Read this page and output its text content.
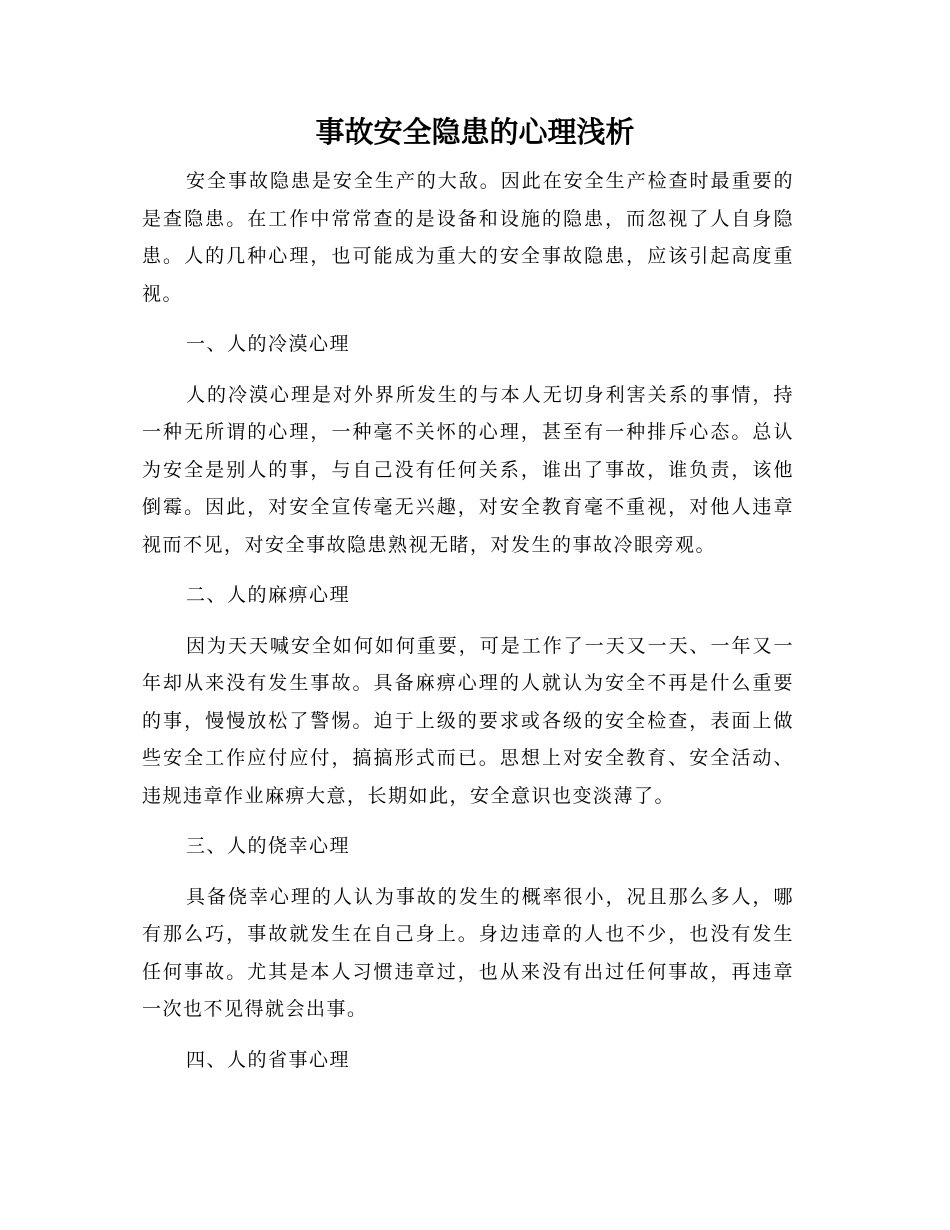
事故安全隐患的心理浅析

安全事故隐患是安全生产的大敌。因此在安全生产检查时最重要的是查隐患。在工作中常常查的是设备和设施的隐患，而忽视了人自身隐患。人的几种心理，也可能成为重大的安全事故隐患，应该引起高度重视。

一、人的冷漠心理

人的冷漠心理是对外界所发生的与本人无切身利害关系的事情，持一种无所谓的心理，一种毫不关怀的心理，甚至有一种排斥心态。总认为安全是别人的事，与自己没有任何关系，谁出了事故，谁负责，该他倒霉。因此，对安全宣传毫无兴趣，对安全教育毫不重视，对他人违章视而不见，对安全事故隐患熟视无睹，对发生的事故冷眼旁观。

二、人的麻痹心理

因为天天喊安全如何如何重要，可是工作了一天又一天、一年又一年却从来没有发生事故。具备麻痹心理的人就认为安全不再是什么重要的事，慢慢放松了警惕。迫于上级的要求或各级的安全检查，表面上做些安全工作应付应付，搞搞形式而已。思想上对安全教育、安全活动、违规违章作业麻痹大意，长期如此，安全意识也变淡薄了。

三、人的侥幸心理

具备侥幸心理的人认为事故的发生的概率很小，况且那么多人，哪有那么巧，事故就发生在自己身上。身边违章的人也不少，也没有发生任何事故。尤其是本人习惯违章过，也从来没有出过任何事故，再违章一次也不见得就会出事。

四、人的省事心理
